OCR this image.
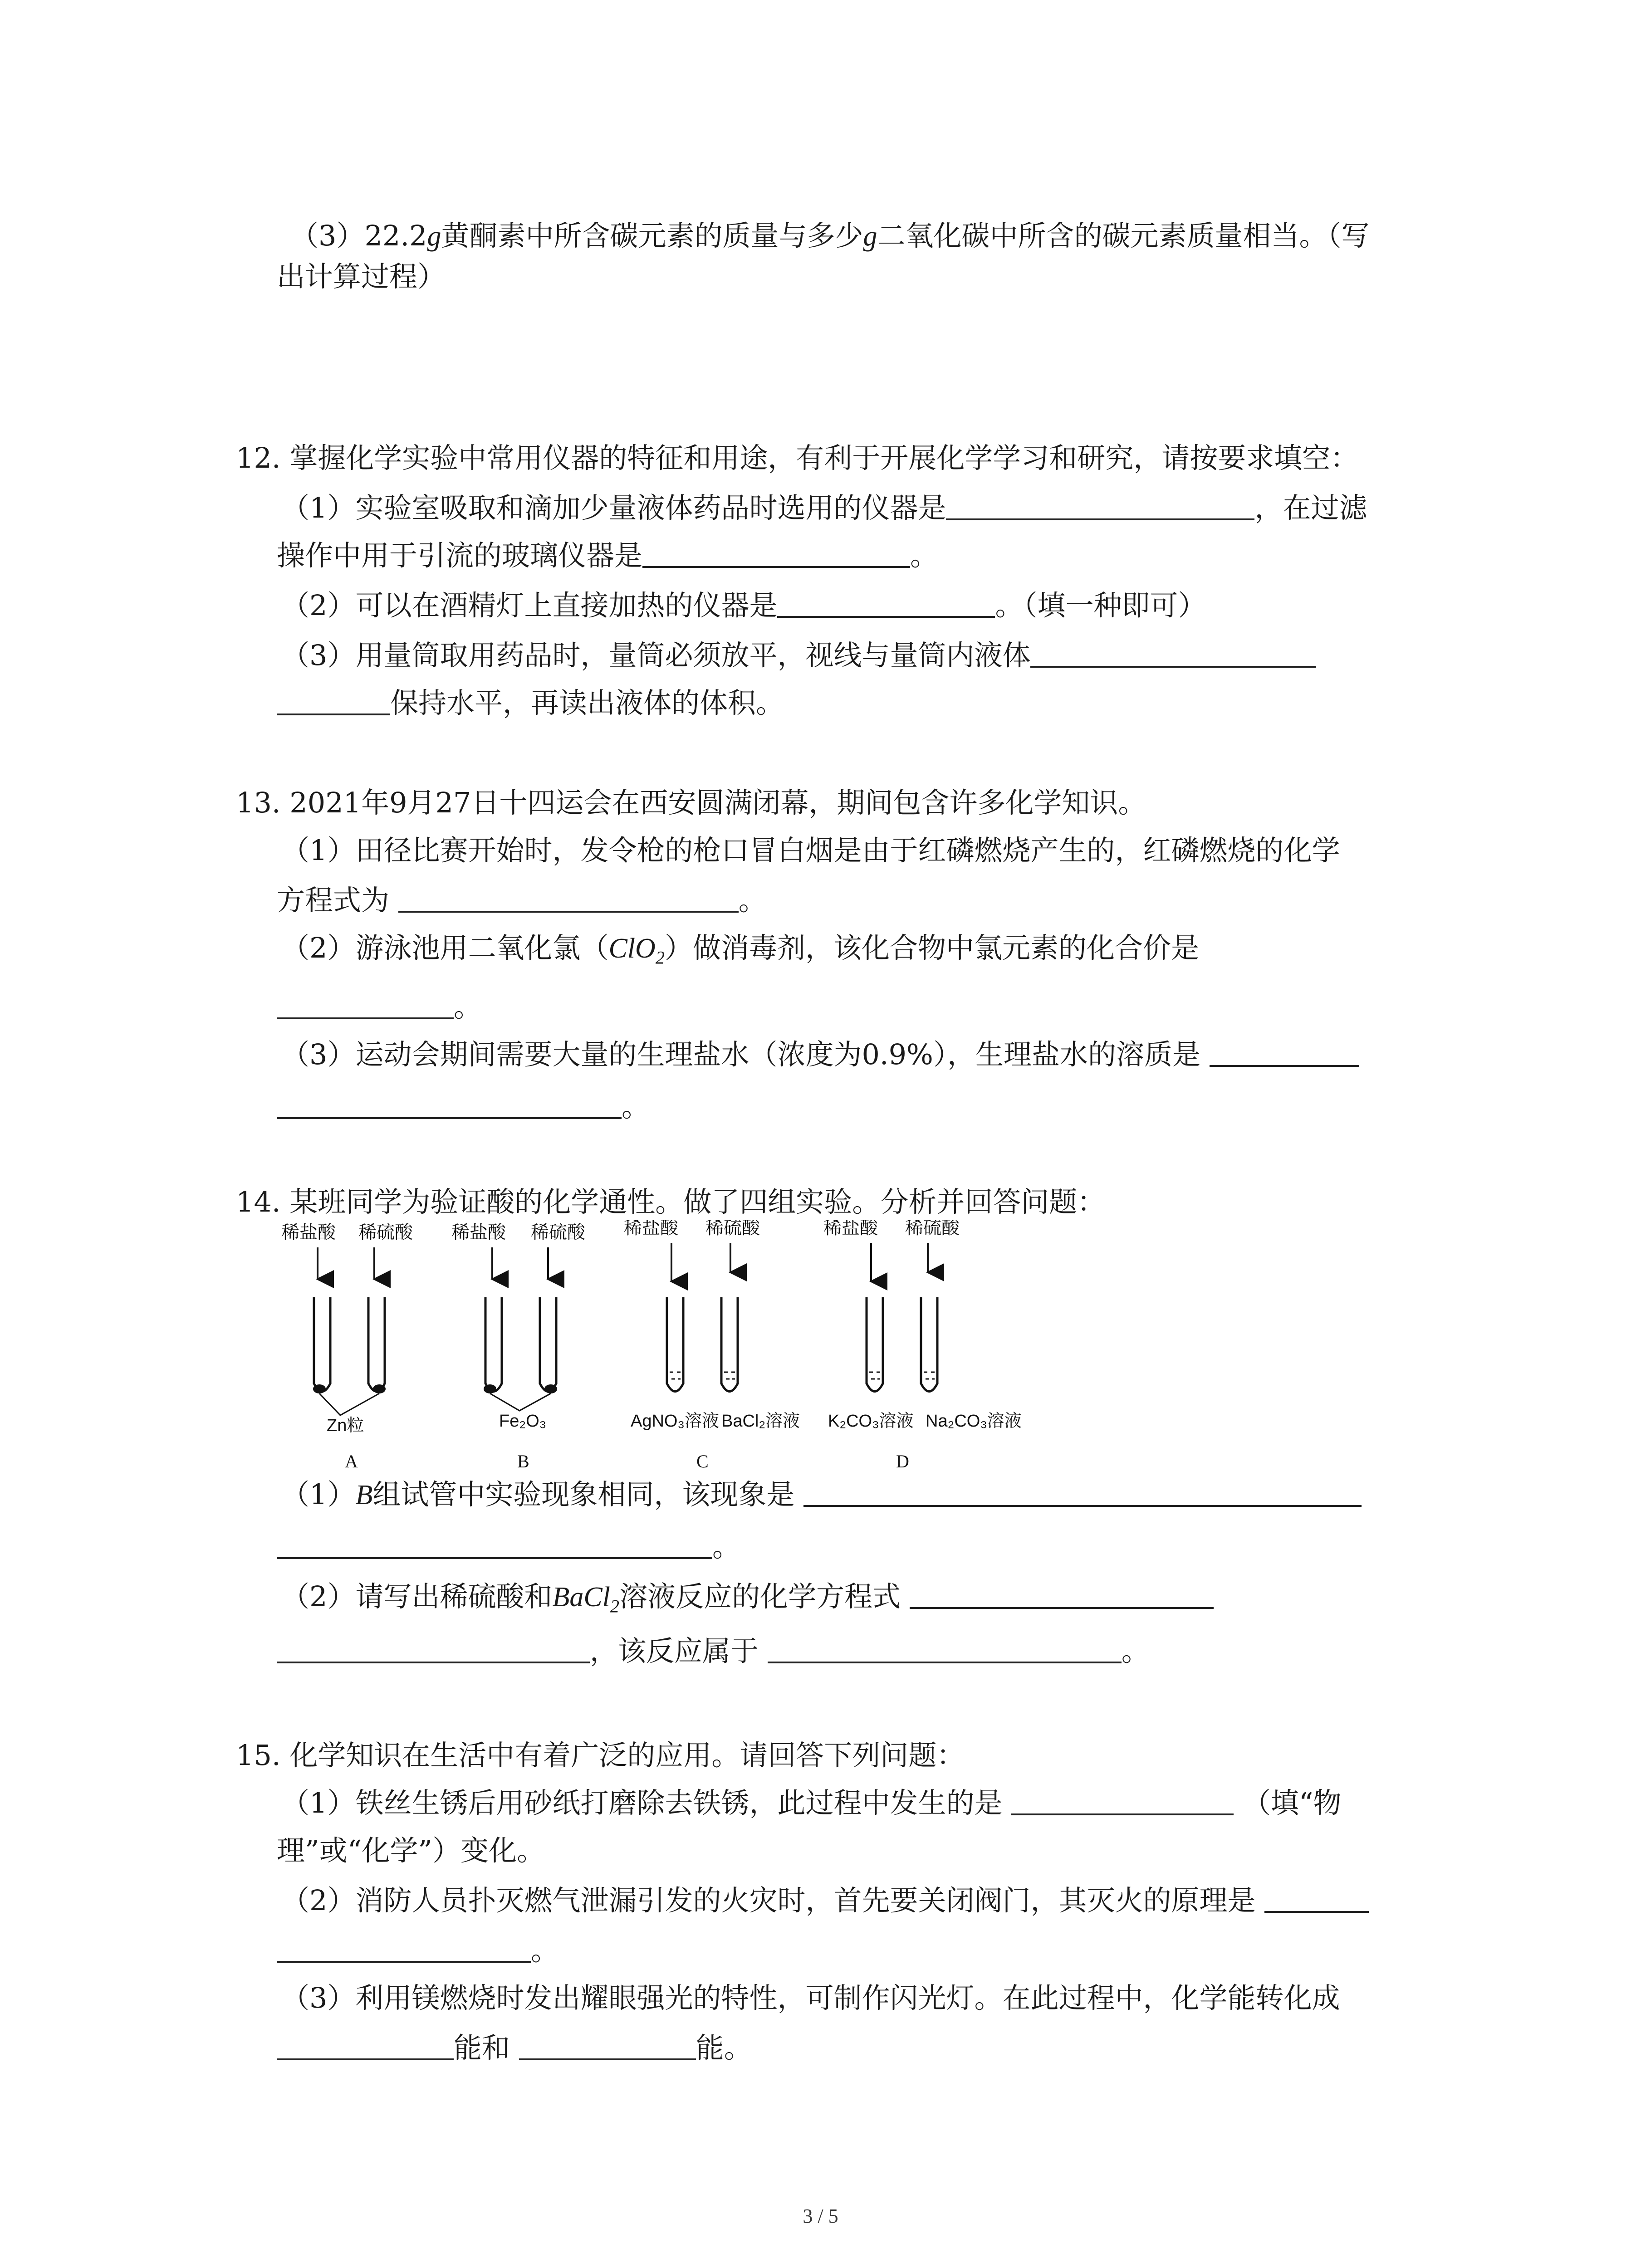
（3）22.2g黄酮素中所含碳元素的质量与多少g二氧化碳中所含的碳元素质量相当。（写
出计算过程）
12. 掌握化学实验中常用仪器的特征和用途，有利于开展化学学习和研究，请按要求填空：
（1）实验室吸取和滴加少量液体药品时选用的仪器是	，在过滤
操作中用于引流的玻璃仪器是	。
（2）可以在酒精灯上直接加热的仪器是	。（填一种即可）
（3）用量筒取用药品时，量筒必须放平，视线与量筒内液体
保持水平，再读出液体的体积。
13. 2021年9月27日十四运会在西安圆满闭幕，期间包含许多化学知识。
（1）田径比赛开始时，发令枪的枪口冒白烟是由于红磷燃烧产生的，红磷燃烧的化学
方程式为	。
（2）游泳池用二氧化氯（ClO$_2$）做消毒剂，该化合物中氯元素的化合价是
。
（3）运动会期间需要大量的生理盐水（浓度为0.9%），生理盐水的溶质是
。
14. 某班同学为验证酸的化学通性。做了四组实验。分析并回答问题：
稀盐酸 稀硫酸 稀盐酸 稀硫酸 稀盐酸 稀硫酸	稀盐酸 稀硫酸
Zn粒	Fe₂O₃	AgNO₃溶液 BaCl₂溶液 K₂CO₃溶液 Na₂CO₃溶液
A	B	C	D
（1）B组试管中实验现象相同，该现象是
。
（2）请写出稀硫酸和BaCl$_2$溶液反应的化学方程式
，该反应属于	。
15. 化学知识在生活中有着广泛的应用。请回答下列问题：
（1）铁丝生锈后用砂纸打磨除去铁锈，此过程中发生的是	（填“物
理”或“化学”）变化。
（2）消防人员扑灭燃气泄漏引发的火灾时，首先要关闭阀门，其灭火的原理是
。
（3）利用镁燃烧时发出耀眼强光的特性，可制作闪光灯。在此过程中，化学能转化成
能和	能。
3 / 5
